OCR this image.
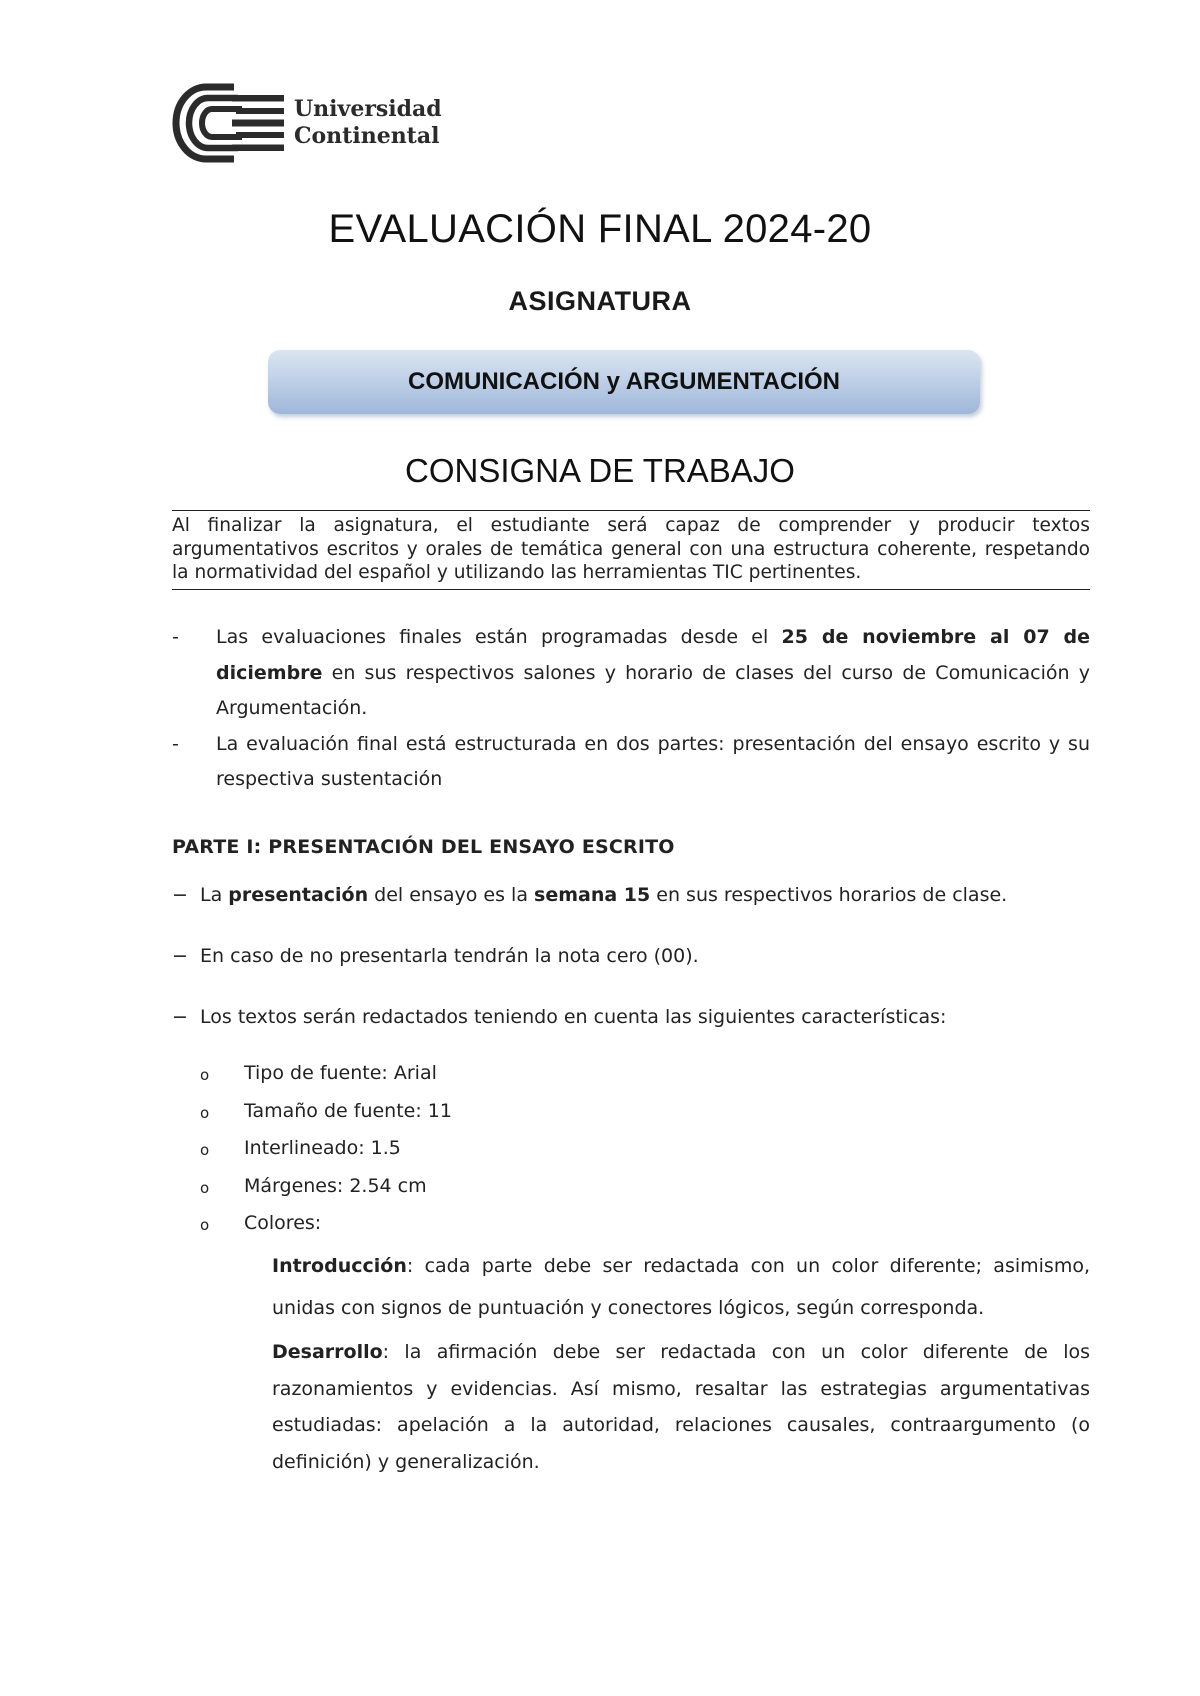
Universidad
Continental
EVALUACIÓN FINAL 2024-20
ASIGNATURA
COMUNICACIÓN y ARGUMENTACIÓN
CONSIGNA DE TRABAJO
Al finalizar la asignatura, el estudiante será capaz de comprender y producir textos argumentativos escritos y orales de temática general con una estructura coherente, respetando la normatividad del español y utilizando las herramientas TIC pertinentes.
- Las evaluaciones finales están programadas desde el 25 de noviembre al 07 de diciembre en sus respectivos salones y horario de clases del curso de Comunicación y Argumentación.
- La evaluación final está estructurada en dos partes: presentación del ensayo escrito y su respectiva sustentación
PARTE I: PRESENTACIÓN DEL ENSAYO ESCRITO
− La presentación del ensayo es la semana 15 en sus respectivos horarios de clase.
− En caso de no presentarla tendrán la nota cero (00).
− Los textos serán redactados teniendo en cuenta las siguientes características:
o Tipo de fuente: Arial
o Tamaño de fuente: 11
o Interlineado: 1.5
o Márgenes: 2.54 cm
o Colores:

Introducción: cada parte debe ser redactada con un color diferente; asimismo, unidas con signos de puntuación y conectores lógicos, según corresponda.

Desarrollo: la afirmación debe ser redactada con un color diferente de los razonamientos y evidencias. Así mismo, resaltar las estrategias argumentativas estudiadas: apelación a la autoridad, relaciones causales, contraargumento (o definición) y generalización.
